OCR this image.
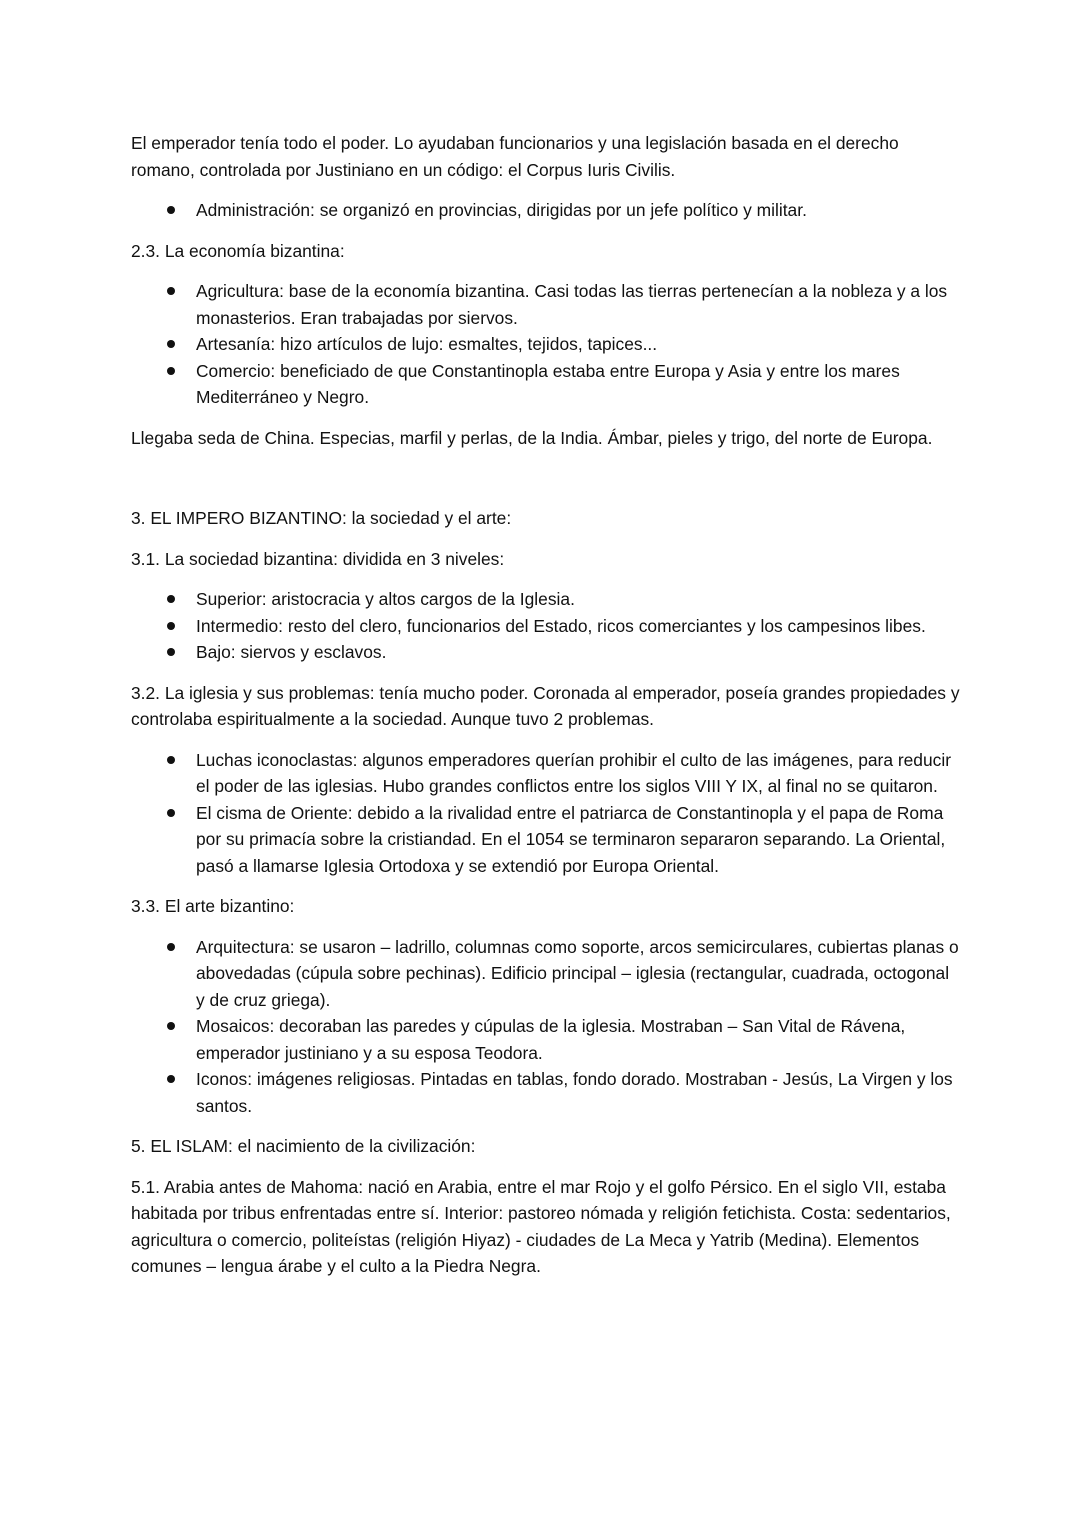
El emperador tenía todo el poder. Lo ayudaban funcionarios y una legislación basada en el derecho romano, controlada por Justiniano en un código: el Corpus Iuris Civilis.

Administración: se organizó en provincias, dirigidas por un jefe político y militar.

2.3. La economía bizantina:

Agricultura: base de la economía bizantina. Casi todas las tierras pertenecían a la nobleza y a los monasterios. Eran trabajadas por siervos.
Artesanía: hizo artículos de lujo: esmaltes, tejidos, tapices...
Comercio: beneficiado de que Constantinopla estaba entre Europa y Asia y entre los mares Mediterráneo y Negro.

Llegaba seda de China. Especias, marfil y perlas, de la India. Ámbar, pieles y trigo, del norte de Europa.

3. EL IMPERO BIZANTINO: la sociedad y el arte:

3.1. La sociedad bizantina: dividida en 3 niveles:

Superior: aristocracia y altos cargos de la Iglesia.
Intermedio: resto del clero, funcionarios del Estado, ricos comerciantes y los campesinos libes.
Bajo: siervos y esclavos.

3.2. La iglesia y sus problemas: tenía mucho poder. Coronada al emperador, poseía grandes propiedades y controlaba espiritualmente a la sociedad. Aunque tuvo 2 problemas.

Luchas iconoclastas: algunos emperadores querían prohibir el culto de las imágenes, para reducir el poder de las iglesias. Hubo grandes conflictos entre los siglos VIII Y IX, al final no se quitaron.
El cisma de Oriente: debido a la rivalidad entre el patriarca de Constantinopla y el papa de Roma por su primacía sobre la cristiandad. En el 1054 se terminaron separaron separando. La Oriental, pasó a llamarse Iglesia Ortodoxa y se extendió por Europa Oriental.

3.3. El arte bizantino:

Arquitectura: se usaron – ladrillo, columnas como soporte, arcos semicirculares, cubiertas planas o abovedadas (cúpula sobre pechinas). Edificio principal – iglesia (rectangular, cuadrada, octogonal y de cruz griega).
Mosaicos: decoraban las paredes y cúpulas de la iglesia. Mostraban – San Vital de Rávena, emperador justiniano y a su esposa Teodora.
Iconos: imágenes religiosas. Pintadas en tablas, fondo dorado. Mostraban - Jesús, La Virgen y los santos.

5. EL ISLAM: el nacimiento de la civilización:

5.1. Arabia antes de Mahoma: nació en Arabia, entre el mar Rojo y el golfo Pérsico. En el siglo VII, estaba habitada por tribus enfrentadas entre sí. Interior: pastoreo nómada y religión fetichista. Costa: sedentarios, agricultura o comercio, politeístas (religión Hiyaz) - ciudades de La Meca y Yatrib (Medina). Elementos comunes – lengua árabe y el culto a la Piedra Negra.
